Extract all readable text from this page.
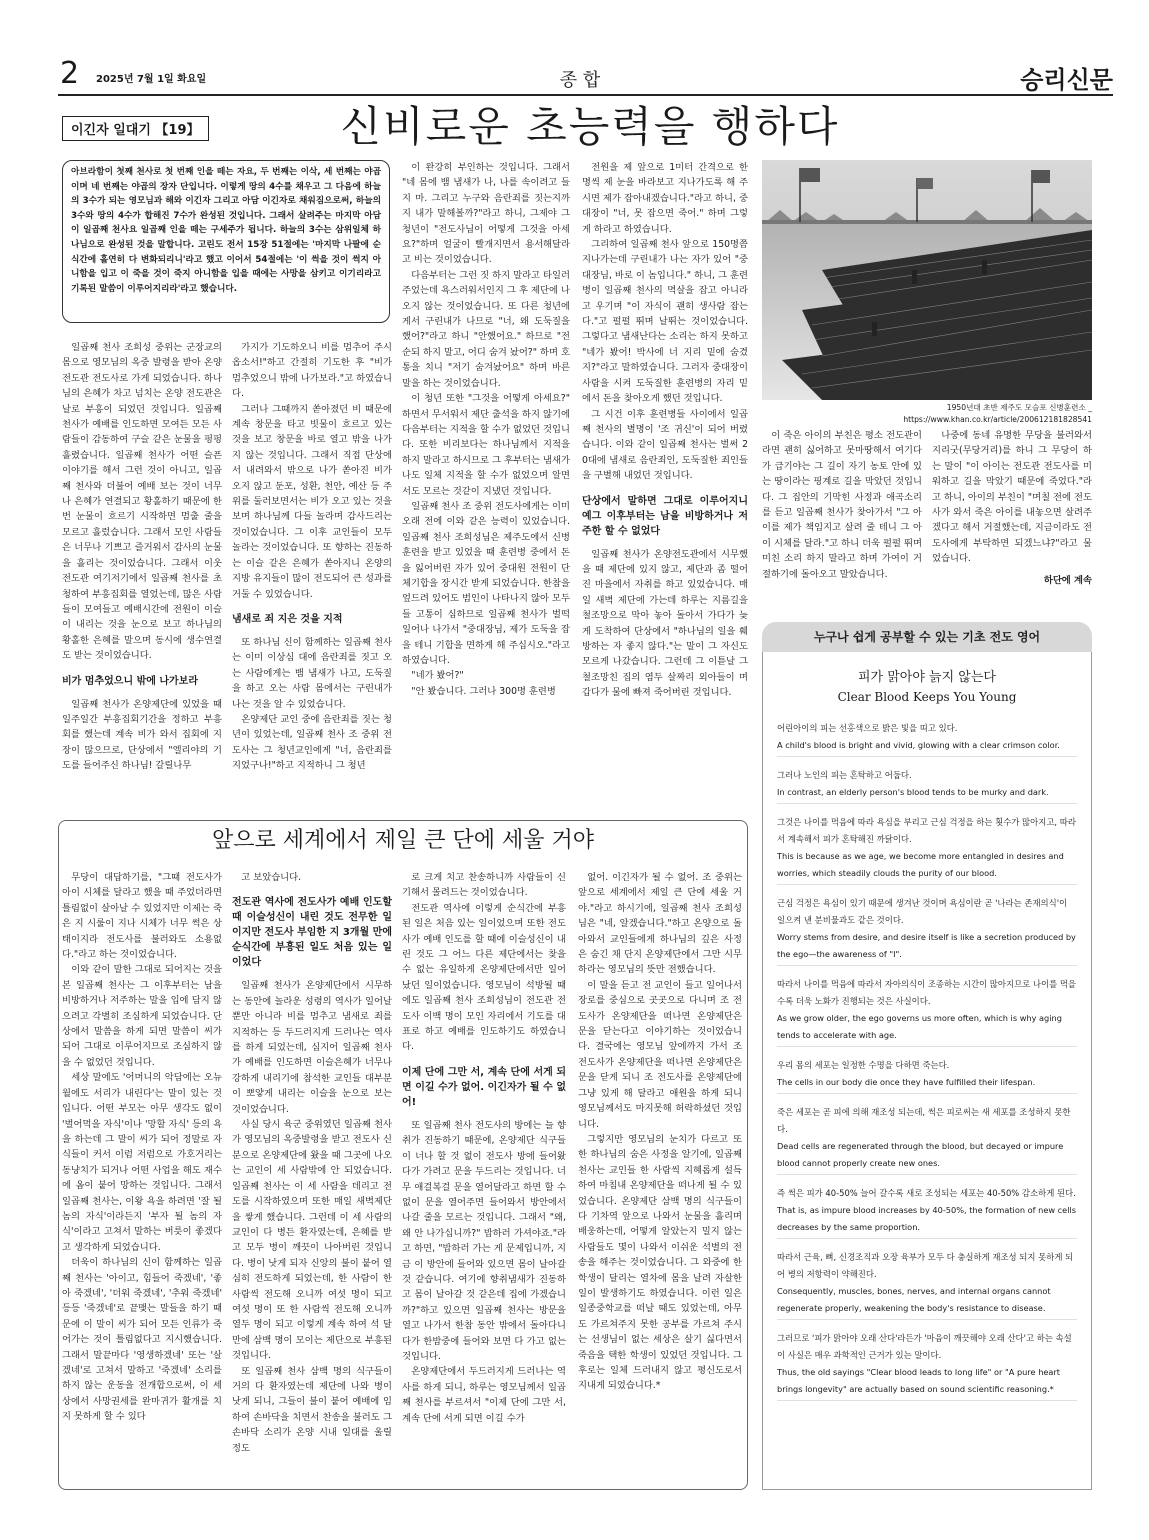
2 2025년 7월 1일 화요일	종 합	승리신문
이긴자 일대기 【19】	신비로운 초능력을 행하다
아브라함이 첫째 천사로 첫 번째 인을 떼는 자요, 두 번째는 이삭, 세 번째는 야곱이며 네 번째는 야곱의 장자 단입니다. 이렇게 땅의 4수를 채우고 그 다음에 하늘의 3수가 되는 영모님과 해와 이긴자 그리고 아담 이긴자로 채워짐으로써, 하늘의 3수와 땅의 4수가 합해진 7수가 완성된 것입니다. 그래서 살려주는 마지막 아담이 일곱째 천사요 일곱째 인을 떼는 구세주가 됩니다. 하늘의 3수는 삼위일체 하나님으로 완성된 것을 말합니다. 고린도 전서 15장 51절에는 '마지막 나팔에 순식간에 홀연히 다 변화되리니'라고 했고 이어서 54절에는 '이 썩을 것이 썩지 아니함을 입고 이 죽을 것이 죽지 아니함을 입을 때에는 사망을 삼키고 이기리라고 기록된 말씀이 이루어지리라'라고 했습니다.

일곱째 천사 조희성 중위는 군장교의 몸으로 영모님의 옥중 발령을 받아 온양 전도관 전도사로 가게 되었습니다. 하나님의 은혜가 차고 넘치는 온양 전도관은 날로 부흥이 되었던 것입니다. 일곱째 천사가 예배를 인도하면 모여든 모든 사람들이 감동하여 구슬 같은 눈물을 펑펑 흘렸습니다. 일곱째 천사가 어떤 슬픈 이야기를 해서 그런 것이 아니고, 일곱째 천사와 더불어 예배 보는 것이 너무나 은혜가 연결되고 황홀하기 때문에 한번 눈물이 흐르기 시작하면 멈출 줄을 모르고 흘렀습니다. 그래서 모인 사람들은 너무나 기쁘고 즐거워서 감사의 눈물을 흘리는 것이었습니다. 그래서 이웃 전도관 여기저기에서 일곱째 천사를 초청하여 부흥집회를 열었는데, 많은 사람들이 모여들고 예배시간에 전원이 이슬이 내리는 것을 눈으로 보고 하나님의 황홀한 은혜를 말으며 동시에 생수연결도 받는 것이었습니다.

비가 멈추었으니 밖에 나가보라

일곱째 천사가 온양제단에 있었을 때 일주일간 부흥집회기간을 정하고 부흥회를 했는데 계속 비가 와서 집회에 지장이 많으므로, 단상에서 "엘리야의 기도를 들어주신 하나님! 갈릴나무

가지가 기도하오니 비를 멈추어 주시옵소서!"하고 간절히 기도한 후 "비가 멈추었으니 밖에 나가보라."고 하였습니다.

그러나 그때까지 쏟아졌던 비 때문에 계속 창문을 타고 빗물이 흐르고 있는 것을 보고 창문을 바로 열고 밖을 나가지 않는 것입니다. 그래서 직접 단상에서 내려와서 밖으로 나가 쏟아진 비가 오지 않고 둔포, 성환, 천안, 예산 등 주위를 둘러보면서는 비가 오고 있는 것을 보며 하나님께 다들 놀라며 감사드리는 것이었습니다. 그 이후 교인들이 모두 놀라는 것이었습니다. 또 향하는 진동하는 이슬 같은 은혜가 쏟아지니 온양의 지방 유지들이 많이 전도되어 큰 성과를 거둘 수 있었습니다.

냄새로 죄 지은 것을 지적

또 하나님 신이 함께하는 일곱째 천사는 이미 이상심 대에 음란죄를 짓고 오는 사람에게는 뱀 냄새가 나고, 도둑질을 하고 오는 사람 몸에서는 구린내가 나는 것을 알 수 있었습니다.

온양제단 교인 중에 음란죄를 짓는 청년이 있었는데, 일곱째 천사 조 중위 전도사는 그 청년교인에게 "너, 음란죄를 지었구나!"하고 지적하니 그 청년

이 완강히 부인하는 것입니다. 그래서 "네 몸에 뱀 냄새가 나, 나를 속이려고 들지 마. 그리고 누구와 음란죄를 짓는지까지 내가 말해볼까?"라고 하니, 그제야 그 청년이 "전도사님이 어떻게 그것을 아세요?"하며 얼굴이 빨개지면서 용서해달라고 비는 것이었습니다.

다음부터는 그런 짓 하지 말라고 타일러 주었는데 욕스러워서인지 그 후 제단에 나오지 않는 것이었습니다. 또 다른 청년에게서 구린내가 나므로 "너, 왜 도둑질을 했어?"라고 하니 "안했어요." 하므로 "전순되 하지 말고, 어디 숨겨 놨어?" 하며 호통을 치니 "저기 숨겨놨어요" 하며 바른 말을 하는 것이었습니다.

이 청년 또한 "그것을 어떻게 아세요?" 하면서 무서워서 제단 출석을 하지 않기에 다음부터는 지적을 할 수가 없었던 것입니다. 또한 비리보다는 하나님께서 지적을 하지 말라고 하시므로 그 후부터는 냄새가 나도 일체 지적을 할 수가 없었으며 알면서도 모르는 것같이 지냈던 것입니다.

일곱째 천사 조 중위 전도사에게는 이미 오래 전에 이와 같은 능력이 있었습니다. 일곱째 천사 조희성님은 제주도에서 신병훈련을 받고 있었을 때 훈련병 중에서 돈을 잃어버린 자가 있어 중대원 전원이 단체기합을 장시간 받게 되었습니다. 한참을 엎드려 있어도 범인이 나타나지 않아 모두들 고통이 심하므로 일곱째 천사가 벌떡 일어나 나가서 "중대장님, 제가 도둑을 잡을 테니 기합을 면하게 해 주십시오."라고 하였습니다.

"네가 봤어?"

"안 봤습니다. 그러나 300명 훈련병

전원을 제 앞으로 1미터 간격으로 한 명씩 제 눈을 바라보고 지나가도록 해 주시면 제가 잡아내겠습니다."라고 하니, 중대장이 "너, 못 잡으면 죽어." 하며 그렇게 하라고 하였습니다.

그리하여 일곱째 천사 앞으로 150명쯤 지나가는데 구린내가 나는 자가 있어 "중대장님, 바로 이 놈입니다." 하니, 그 훈련병이 일곱째 천사의 멱살을 잡고 아니라고 우기며 "이 자식이 괜히 생사람 잡는다."고 펄펄 뛰며 날뛰는 것이었습니다. 그렇다고 냄새난다는 소리는 하지 못하고 "네가 봤어! 박사에 너 지리 밑에 숨겼지?"라고 말하였습니다. 그러자 중대장이 사람을 시켜 도둑질한 훈련병의 자리 밑에서 돈을 찾아오게 했던 것입니다.

그 시건 이후 훈련병들 사이에서 일곱째 천사의 별명이 '조 귀신'이 되어 버렸습니다. 이와 같이 일곱째 천사는 벌써 20대에 냄새로 음란죄인, 도둑질한 죄인들을 구별해 내었던 것입니다.

단상에서 말하면 그대로 이루어지니 예그 이후부터는 남을 비방하거나 저주한 할 수 없었다

일곱째 천사가 온양전도관에서 시무했을 때 제단에 있지 않고, 제단과 좀 떨어진 마을에서 자취를 하고 있었습니다. 매일 새벽 제단에 가는데 하루는 지름길을 철조망으로 막아 놓아 돌아서 가다가 늦게 도착하여 단상에서 "하나님의 일을 훼방하는 자 좋지 않다."는 말이 그 자신도 모르게 나갔습니다. 그런데 그 이튿날 그 철조망친 집의 염두 살짜리 외아들이 며 갑다가 물에 빠져 죽어버린 것입니다.

1950년대 초반 제주도 모슬포 신병훈련소 _ https://www.khan.co.kr/article/200612181828541

이 죽은 아이의 부친은 평소 전도관이라면 괜히 싫어하고 못마땅해서 여기다가 급기야는 그 길이 자기 농토 안에 있는 땅이라는 핑계로 길을 막았던 것입니다. 그 집안의 기막힌 사정과 애곡소리를 듣고 일곱째 천사가 찾아가서 "그 아이를 제가 책임지고 살려 줄 테니 그 아이 시체를 달라."고 하니 더욱 펄펄 뛰며 미친 소리 하지 말라고 하며 가여이 거절하기에 돌아오고 말았습니다.

나중에 동네 유명한 무당을 불러와서 지리굿(무당거리)를 하니 그 무당이 하는 말이 "이 아이는 전도관 전도사를 미워하고 길을 막았기 때문에 죽었다."라고 하니, 아이의 부친이 "며칠 전에 전도사가 와서 죽은 아이를 내놓으면 살려주겠다고 해서 거절했는데, 지금이라도 전도사에게 부탁하면 되겠느냐?"라고 물었습니다.

하단에 계속
앞으로 세계에서 제일 큰 단에 세울 거야

무당이 대답하기를, "그때 전도사가 아이 시체를 달라고 했을 때 주었더라면 틀림없이 살아날 수 있었지만 이제는 죽은 지 시룰이 지나 시체가 너무 썩은 상태이지라 전도사를 불러와도 소용없다."라고 하는 것이었습니다.

이와 같이 말한 그대로 되어지는 것을 본 일곱째 천사는 그 이후부터는 남을 비방하거나 저주하는 말을 입에 담지 않으려고 각별히 조심하게 되었습니다. 단상에서 말씀을 하게 되면 말씀이 씨가 되어 그대로 이루어지므로 조심하지 않을 수 없었던 것입니다.

세상 말에도 '어머니의 악담에는 오뉴월에도 서리가 내린다'는 말이 있는 것입니다. 어떤 부모는 아무 생각도 없이 '벌어먹을 자식'이나 '망할 자식' 등의 욕을 하는데 그 말이 씨가 되어 정말로 자식들이 커서 이럼 저럼으로 가호거리는 동냥치가 되거나 어떤 사업을 해도 재수에 옴이 붙어 망하는 것입니다. 그래서 일곱째 천사는, 이왕 욕을 하려면 '잘 될 놈의 자식'이라든지 '부자 될 놈의 자식'이라고 고쳐서 말하는 버릇이 좋겠다고 생각하게 되었습니다.

더욱이 하나님의 신이 함께하는 일곱째 천사는 '아이고, 힘들어 죽겠네', '좋아 죽겠네', '더워 죽겠네', '추워 죽겠네' 등등 '죽겠네'로 끝맺는 말들을 하기 때문에 이 말이 씨가 되어 모든 인류가 죽어가는 것이 틀림없다고 지시했습니다. 그래서 말끝마다 '영생하겠네' 또는 '살겠네'로 고쳐서 말하고 '죽겠네' 소리를 하지 않는 운동을 전개합으로써, 이 세상에서 사망권세를 완마귀가 활개를 치지 못하게 할 수 있다

고 보았습니다.

전도관 역사에 전도사가 예배 인도할 때 이슬성신이 내린 것도 전무한 일이지만 전도사 부임한 지 3개월 만에 순식간에 부흥된 일도 처음 있는 일이었다

일곱째 천사가 온양제단에서 시무하는 동안에 놀라운 성령의 역사가 일어날 뿐만 아니라 비를 멈추고 냄새로 죄를 지적하는 등 두드러지게 드러나는 역사를 하게 되었는데, 심지어 일곱째 천사가 예배를 인도하면 이슬은혜가 너무나 강하게 내리기에 참석한 교인들 대부분이 뽀얗게 내리는 이슬을 눈으로 보는 것이었습니다.

사실 당시 육군 중위였던 일곱째 천사가 영모님의 옥중발령을 받고 전도사 신분으로 온양제단에 왔을 때 그곳에 나오는 교인이 세 사람밖에 안 되었습니다. 일곱째 천사는 이 세 사람을 데리고 전도를 시작하였으며 또한 매일 새벽제단을 쌓게 했습니다. 그런데 이 세 사람의 교인이 다 병든 환자였는데, 은혜를 받고 모두 병이 깨끗이 나아버린 것입니다. 병이 낫게 되자 신앙의 불이 붙어 열심히 전도하게 되었는데, 한 사람이 한 사람씩 전도해 오니까 여섯 명이 되고 여섯 명이 또 한 사람씩 전도해 오니까 열두 명이 되고 이렇게 계속 하여 석 달 만에 삼백 명이 모이는 제단으로 부흥된 것입니다.

또 일곱째 천사 삼백 명의 식구들이 거의 다 환자였는데 제단에 나와 병이 낫게 되니, 그들이 불이 붙어 예배에 임하여 손바닥을 치면서 찬송을 불러도 그 손바닥 소리가 온양 시내 일대를 울릴 정도

로 크게 치고 찬송하니까 사람들이 신기해서 몰려드는 것이었습니다.

전도관 역사에 이렇게 순식간에 부흥된 일은 처음 있는 일이었으며 또한 전도사가 예배 인도를 할 때에 이슬성신이 내린 것도 그 어느 다른 제단에서는 찾을 수 없는 유일하게 온양제단에서만 일어났던 일이었습니다. 영모님이 석방될 때에도 일곱째 천사 조희성님이 전도관 전도사 이백 명이 모인 자리에서 기도를 대표로 하고 예배를 인도하기도 하였습니다.

이제 단에 그만 서, 계속 단에 서게 되면 이길 수가 없어. 이긴자가 될 수 없어!

또 일곱째 천사 전도사의 방에는 늘 향취가 진동하기 때문에, 온양제단 식구들이 너나 할 것 없이 전도사 방에 들어왔다가 가려고 문을 두드리는 것입니다. 너무 애걸복걸 문을 열어달라고 하면 할 수 없이 문을 열어주면 들어와서 방안에서 나갈 줄을 모르는 것입니다. 그래서 "왜, 왜 안 나가십니까?" 밥하러 가셔야죠."라고 하면, "밥하러 가는 게 문제입니까, 지금 이 방안에 들어와 있으면 몸이 날아갈 것 같습니다. 여기에 향취냄새가 진동하고 몸이 날아갈 것 같은데 집에 가겠습니까?"하고 있으면 일곱째 천사는 방문을 열고 나가서 한참 동안 밖에서 돌아다니다가 한밤중에 들어와 보면 다 가고 없는 것입니다.

온양제단에서 두드러지게 드러나는 역사를 하게 되니, 하루는 영모님께서 일곱째 천사를 부르셔서 "이제 단에 그만 서, 계속 단에 서게 되면 이길 수가

없어. 이긴자가 될 수 없어. 조 중위는 앞으로 세계에서 제일 큰 단에 세울 거야."라고 하시기에, 일곱째 천사 조희성님은 "네, 알겠습니다."하고 온양으로 돌아와서 교인들에게 하나님의 깊은 사정은 숨긴 채 단지 온양제단에서 그만 시무하라는 영모님의 뜻만 전했습니다.

이 말을 듣고 전 교인이 들고 일어나서 장로를 중심으로 곳곳으로 다니며 조 전도사가 온양제단을 떠나면 온양제단은 문을 닫는다고 이야기하는 것이었습니다. 결국에는 영모님 앞에까지 가서 조 전도사가 온양제단을 떠나면 온양제단은 문을 닫게 되니 조 전도사를 온양제단에 그냥 있게 해 달라고 애원을 하게 되니 영모님께서도 마지못해 허락하셨던 것입니다.

그렇지만 영모님의 눈치가 다르고 또한 하나님의 숨은 사정을 알기에, 일곱째 천사는 교인들 한 사람씩 지혜롭게 설득하여 마침내 온양제단을 떠나게 될 수 있었습니다. 온양제단 삼백 명의 식구들이 다 기차역 앞으로 나와서 눈물을 흘리며 배웅하는데, 어떻게 알았는지 밀지 않는 사람들도 몇이 나와서 이쉬운 석별의 전송을 해주는 것이었습니다. 그 와중에 한 학생이 달리는 열차에 몸을 날려 자살한 일이 발생하기도 하였습니다. 이런 일은 일종중학교를 떠날 때도 있었는데, 아무도 가르쳐주지 못한 공부를 가르쳐 주시는 선생님이 없는 세상은 살기 싫다면서 죽음을 택한 학생이 있었던 것입니다. 그 후로는 일체 드러내지 않고 평신도로서 지내게 되었습니다.*

누구나 쉽게 공부할 수 있는 기초 전도 영어
피가 맑아야 늙지 않는다
Clear Blood Keeps You Young
어린아이의 피는 선홍색으로 밝은 빛을 띠고 있다.
A child's blood is bright and vivid, glowing with a clear crimson color.
그러나 노인의 피는 혼탁하고 어둡다.
In contrast, an elderly person's blood tends to be murky and dark.
그것은 나이를 먹음에 따라 욕심을 부리고 근심 걱정을 하는 횟수가 많아지고, 따라서 계속해서 피가 혼탁해진 까닭이다.
This is because as we age, we become more entangled in desires and worries, which steadily clouds the purity of our blood.
근심 걱정은 욕심이 있기 때문에 생겨난 것이며 욕심이란 곧 '나라는 존재의식'이 일으켜 낸 분비물과도 같은 것이다.
Worry stems from desire, and desire itself is like a secretion produced by the ego—the awareness of "I".
따라서 나이를 먹음에 따라서 자아의식이 조종하는 시간이 많아지므로 나이를 먹을수록 더욱 노화가 진행되는 것은 사실이다.
As we grow older, the ego governs us more often, which is why aging tends to accelerate with age.
우리 몸의 세포는 일정한 수명을 다하면 죽는다.
The cells in our body die once they have fulfilled their lifespan.
죽은 세포는 곧 피에 의해 재조성 되는데, 썩은 피로써는 새 세포를 조성하지 못한다.
Dead cells are regenerated through the blood, but decayed or impure blood cannot properly create new ones.
즉 썩은 피가 40-50% 늘어 갈수록 새로 조성되는 세포는 40-50% 감소하게 된다.
That is, as impure blood increases by 40-50%, the formation of new cells decreases by the same proportion.
따라서 근육, 뼈, 신경조직과 오장 육부가 모두 다 충실하게 재조성 되지 못하게 되어 병의 저항력이 약해진다.
Consequently, muscles, bones, nerves, and internal organs cannot regenerate properly, weakening the body's resistance to disease.
그러므로 '피가 맑아야 오래 산다'라든가 '마음이 깨끗해야 오래 산다'고 하는 속설이 사실은 매우 과학적인 근거가 있는 말이다.
Thus, the old sayings "Clear blood leads to long life" or "A pure heart brings longevity" are actually based on sound scientific reasoning.*
